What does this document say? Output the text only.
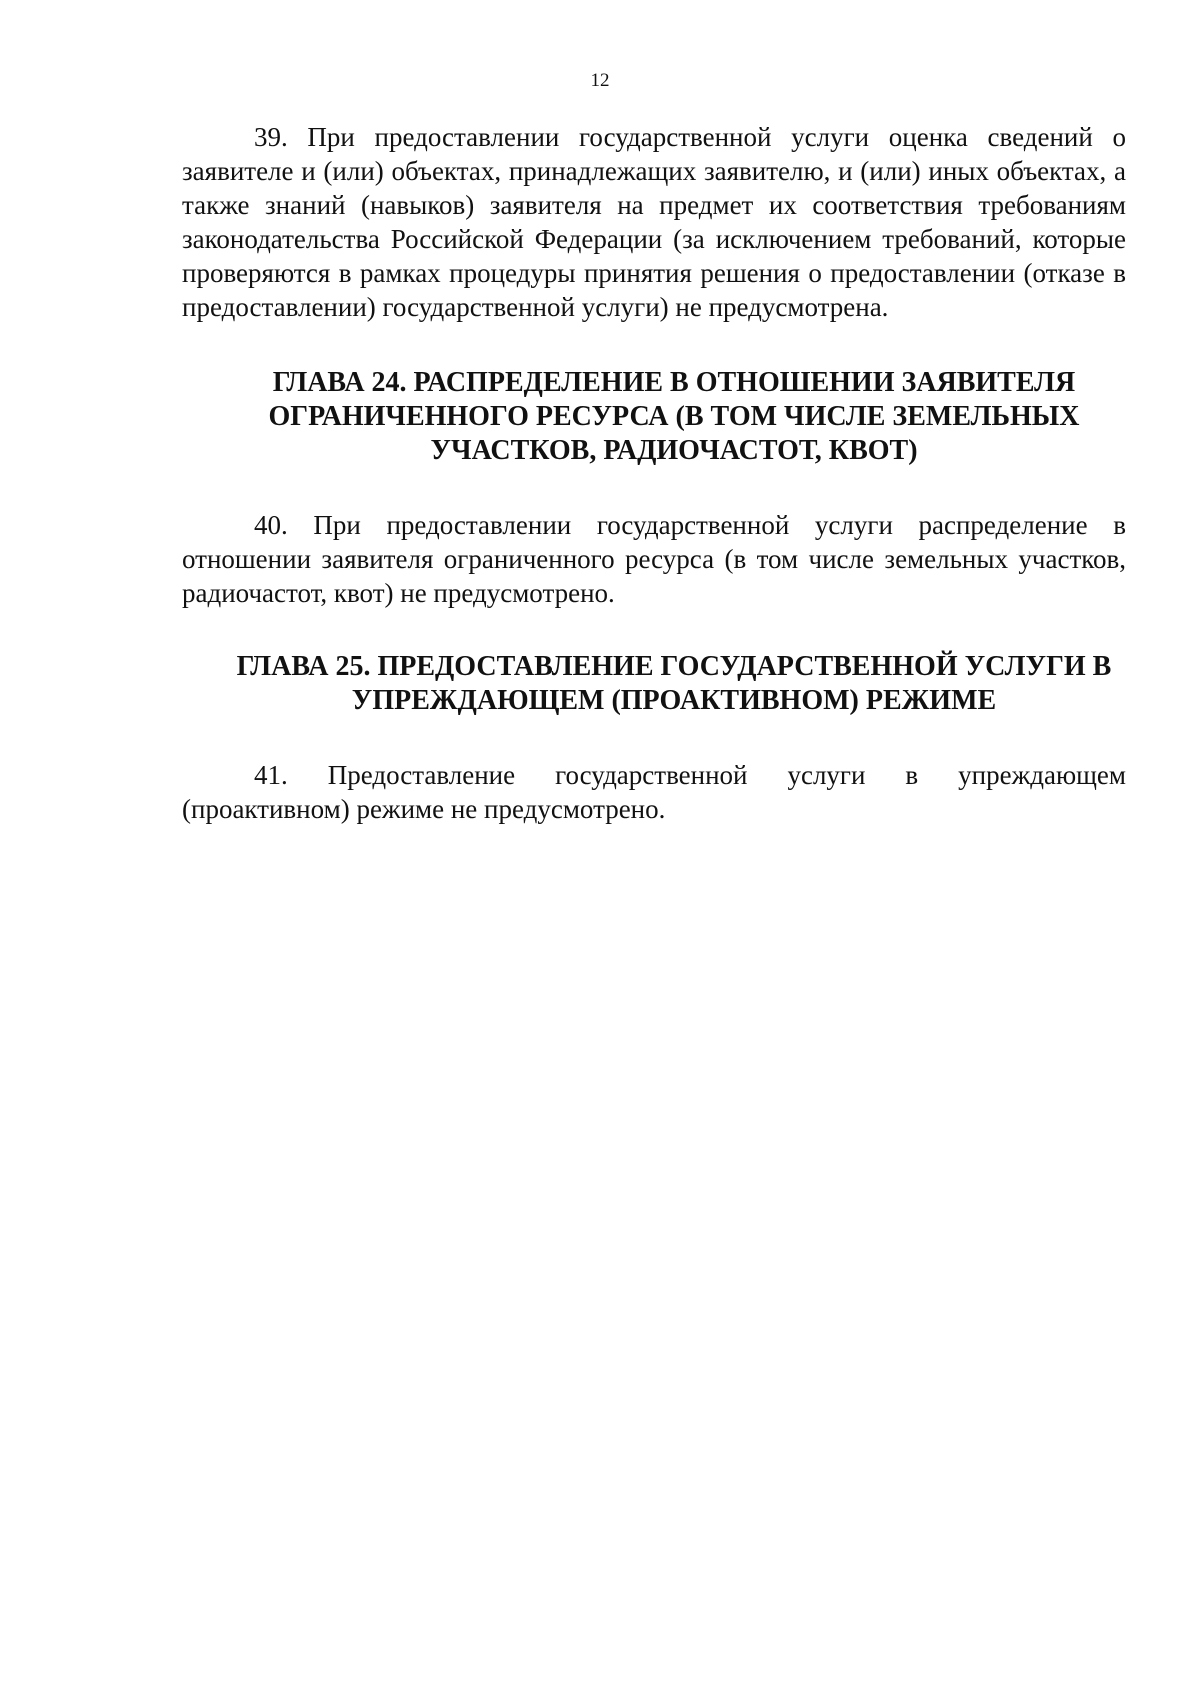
12

39. При предоставлении государственной услуги оценка сведений о заявителе и (или) объектах, принадлежащих заявителю, и (или) иных объектах, а также знаний (навыков) заявителя на предмет их соответствия требованиям законодательства Российской Федерации (за исключением требований, которые проверяются в рамках процедуры принятия решения о предоставлении (отказе в предоставлении) государственной услуги) не предусмотрена.

ГЛАВА 24. РАСПРЕДЕЛЕНИЕ В ОТНОШЕНИИ ЗАЯВИТЕЛЯ ОГРАНИЧЕННОГО РЕСУРСА (В ТОМ ЧИСЛЕ ЗЕМЕЛЬНЫХ УЧАСТКОВ, РАДИОЧАСТОТ, КВОТ)

40. При предоставлении государственной услуги распределение в отношении заявителя ограниченного ресурса (в том числе земельных участков, радиочастот, квот) не предусмотрено.

ГЛАВА 25. ПРЕДОСТАВЛЕНИЕ ГОСУДАРСТВЕННОЙ УСЛУГИ В УПРЕЖДАЮЩЕМ (ПРОАКТИВНОМ) РЕЖИМЕ

41. Предоставление государственной услуги в упреждающем (проактивном) режиме не предусмотрено.
